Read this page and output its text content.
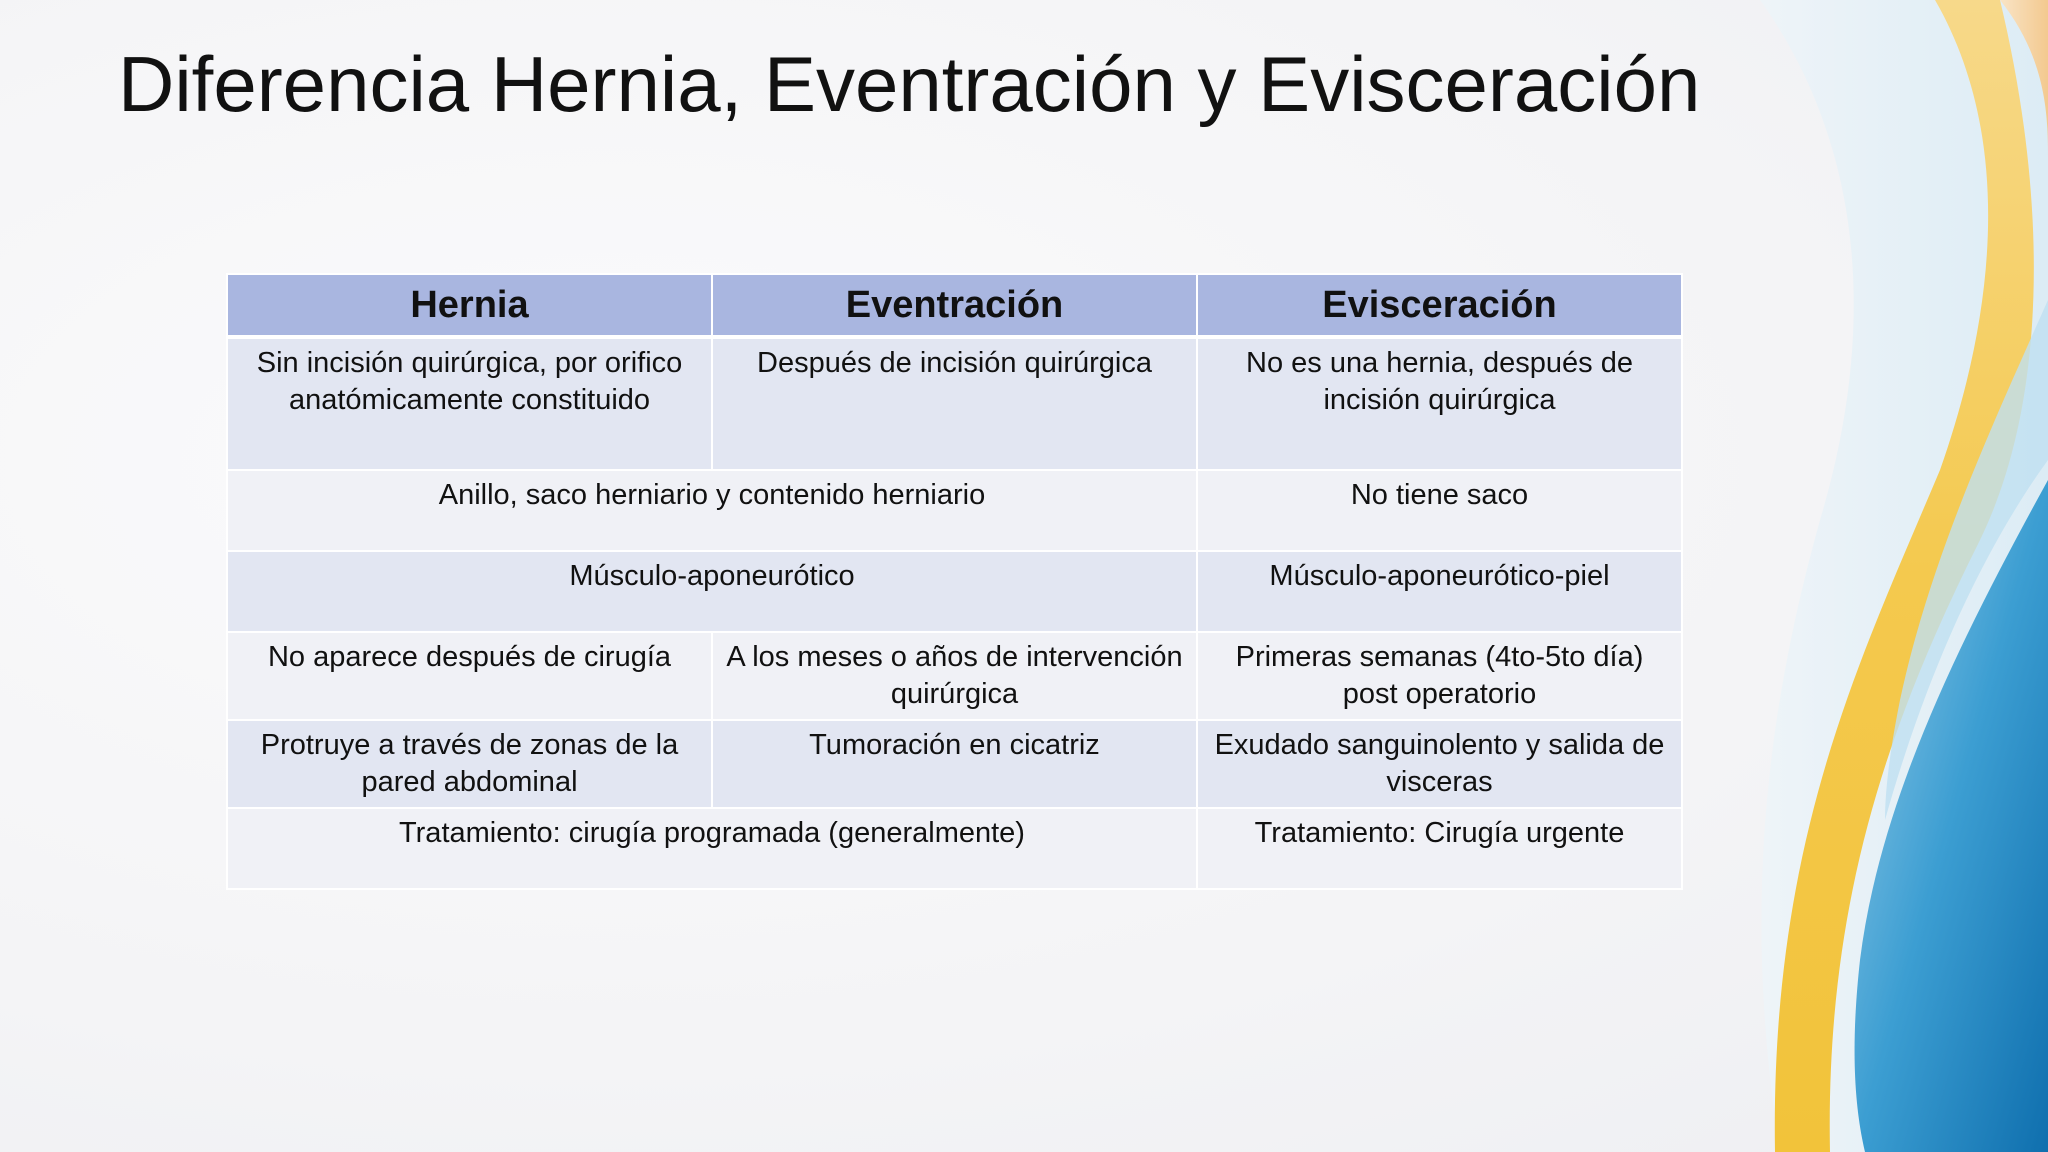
Diferencia Hernia, Eventración y Evisceración
Hernia	Eventración	Evisceración
Sin incisión quirúrgica, por orifico anatómicamente constituido	Después de incisión quirúrgica	No es una hernia, después de incisión quirúrgica
Anillo, saco herniario y contenido herniario		No tiene saco
Músculo-aponeurótico		Músculo-aponeurótico-piel
No aparece después de cirugía	A los meses o años de intervención quirúrgica	Primeras semanas (4to-5to día) post operatorio
Protruye a través de zonas de la pared abdominal	Tumoración en cicatriz	Exudado sanguinolento y salida de visceras
Tratamiento: cirugía programada (generalmente)		Tratamiento: Cirugía urgente
